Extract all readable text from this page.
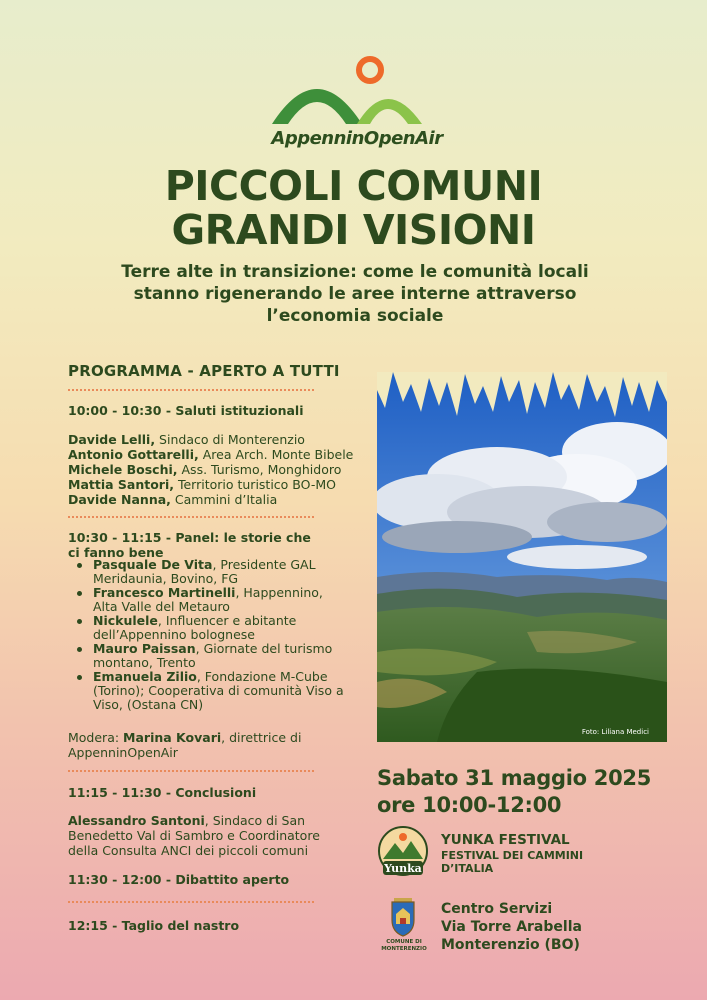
AppenninOpenAir
PICCOLI COMUNI
GRANDI VISIONI
Terre alte in transizione: come le comunità locali stanno rigenerando le aree interne attraverso l’economia sociale
PROGRAMMA - APERTO A TUTTI
10:00 - 10:30 - Saluti istituzionali
Davide Lelli, Sindaco di Monterenzio
Antonio Gottarelli, Area Arch. Monte Bibele
Michele Boschi, Ass. Turismo, Monghidoro
Mattia Santori, Territorio turistico BO-MO
Davide Nanna, Cammini d’Italia
10:30 - 11:15 - Panel: le storie che ci fanno bene
Pasquale De Vita, Presidente GAL Meridaunia, Bovino, FG
Francesco Martinelli, Happennino, Alta Valle del Metauro
Nickulele, Influencer e abitante dell’Appennino bolognese
Mauro Paissan, Giornate del turismo montano, Trento
Emanuela Zilio, Fondazione M-Cube (Torino); Cooperativa di comunità Viso a Viso, (Ostana CN)
Modera: Marina Kovari, direttrice di AppenninOpenAir
11:15 - 11:30 - Conclusioni
Alessandro Santoni, Sindaco di San Benedetto Val di Sambro e Coordinatore della Consulta ANCI dei piccoli comuni
11:30 - 12:00 - Dibattito aperto
12:15 - Taglio del nastro
Foto: Liliana Medici
Sabato 31 maggio 2025
ore 10:00-12:00
Yunka
YUNKA FESTIVAL
FESTIVAL DEI CAMMINI D’ITALIA
COMUNE DI MONTERENZIO
Centro Servizi
Via Torre Arabella
Monterenzio (BO)
